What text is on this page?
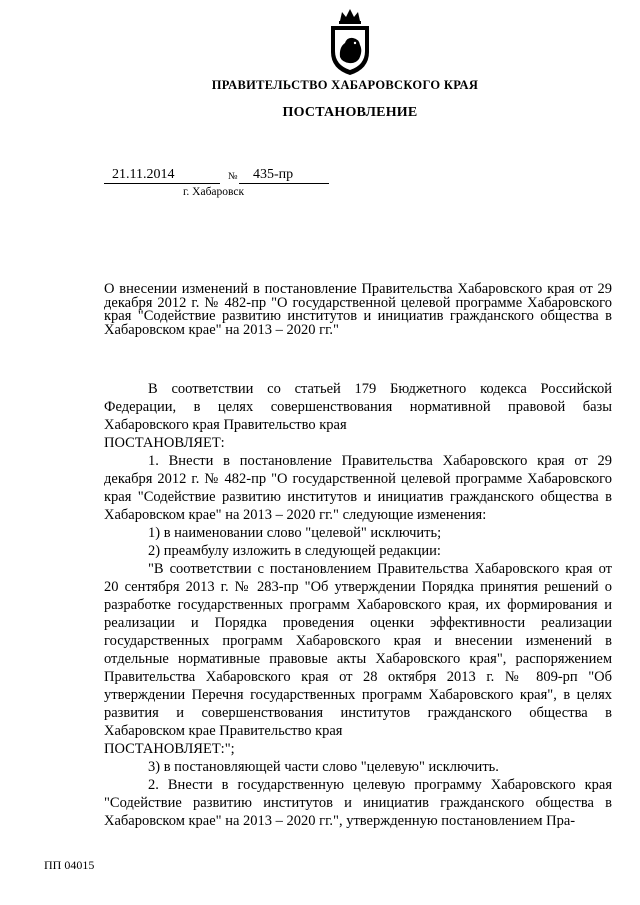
ПРАВИТЕЛЬСТВО ХАБАРОВСКОГО КРАЯ
ПОСТАНОВЛЕНИЕ
21.11.2014	№	435-пр
г. Хабаровск
О внесении изменений в постановление Правительства Хабаровского края от 29 декабря 2012 г. № 482-пр "О государственной целевой программе Хабаровского края "Содействие развитию институтов и инициатив гражданского общества в Хабаровском крае" на 2013 – 2020 гг."

В соответствии со статьей 179 Бюджетного кодекса Российской Федерации, в целях совершенствования нормативной правовой базы Хабаровского края Правительство края

ПОСТАНОВЛЯЕТ:

1. Внести в постановление Правительства Хабаровского края от 29 декабря 2012 г. № 482-пр "О государственной целевой программе Хабаровского края "Содействие развитию институтов и инициатив гражданского общества в Хабаровском крае" на 2013 – 2020 гг." следующие изменения:

1) в наименовании слово "целевой" исключить;

2) преамбулу изложить в следующей редакции:

"В соответствии с постановлением Правительства Хабаровского края от 20 сентября 2013 г. № 283-пр "Об утверждении Порядка принятия решений о разработке государственных программ Хабаровского края, их формирования и реализации и Порядка проведения оценки эффективности реализации государственных программ Хабаровского края и внесении изменений в отдельные нормативные правовые акты Хабаровского края", распоряжением Правительства Хабаровского края от 28 октября 2013 г. № 809-рп "Об утверждении Перечня государственных программ Хабаровского края", в целях развития и совершенствования институтов гражданского общества в Хабаровском крае Правительство края

ПОСТАНОВЛЯЕТ:";

3) в постановляющей части слово "целевую" исключить.

2. Внести в государственную целевую программу Хабаровского края "Содействие развитию институтов и инициатив гражданского общества в Хабаровском крае" на 2013 – 2020 гг.", утвержденную постановлением Пра-

ПП 04015
